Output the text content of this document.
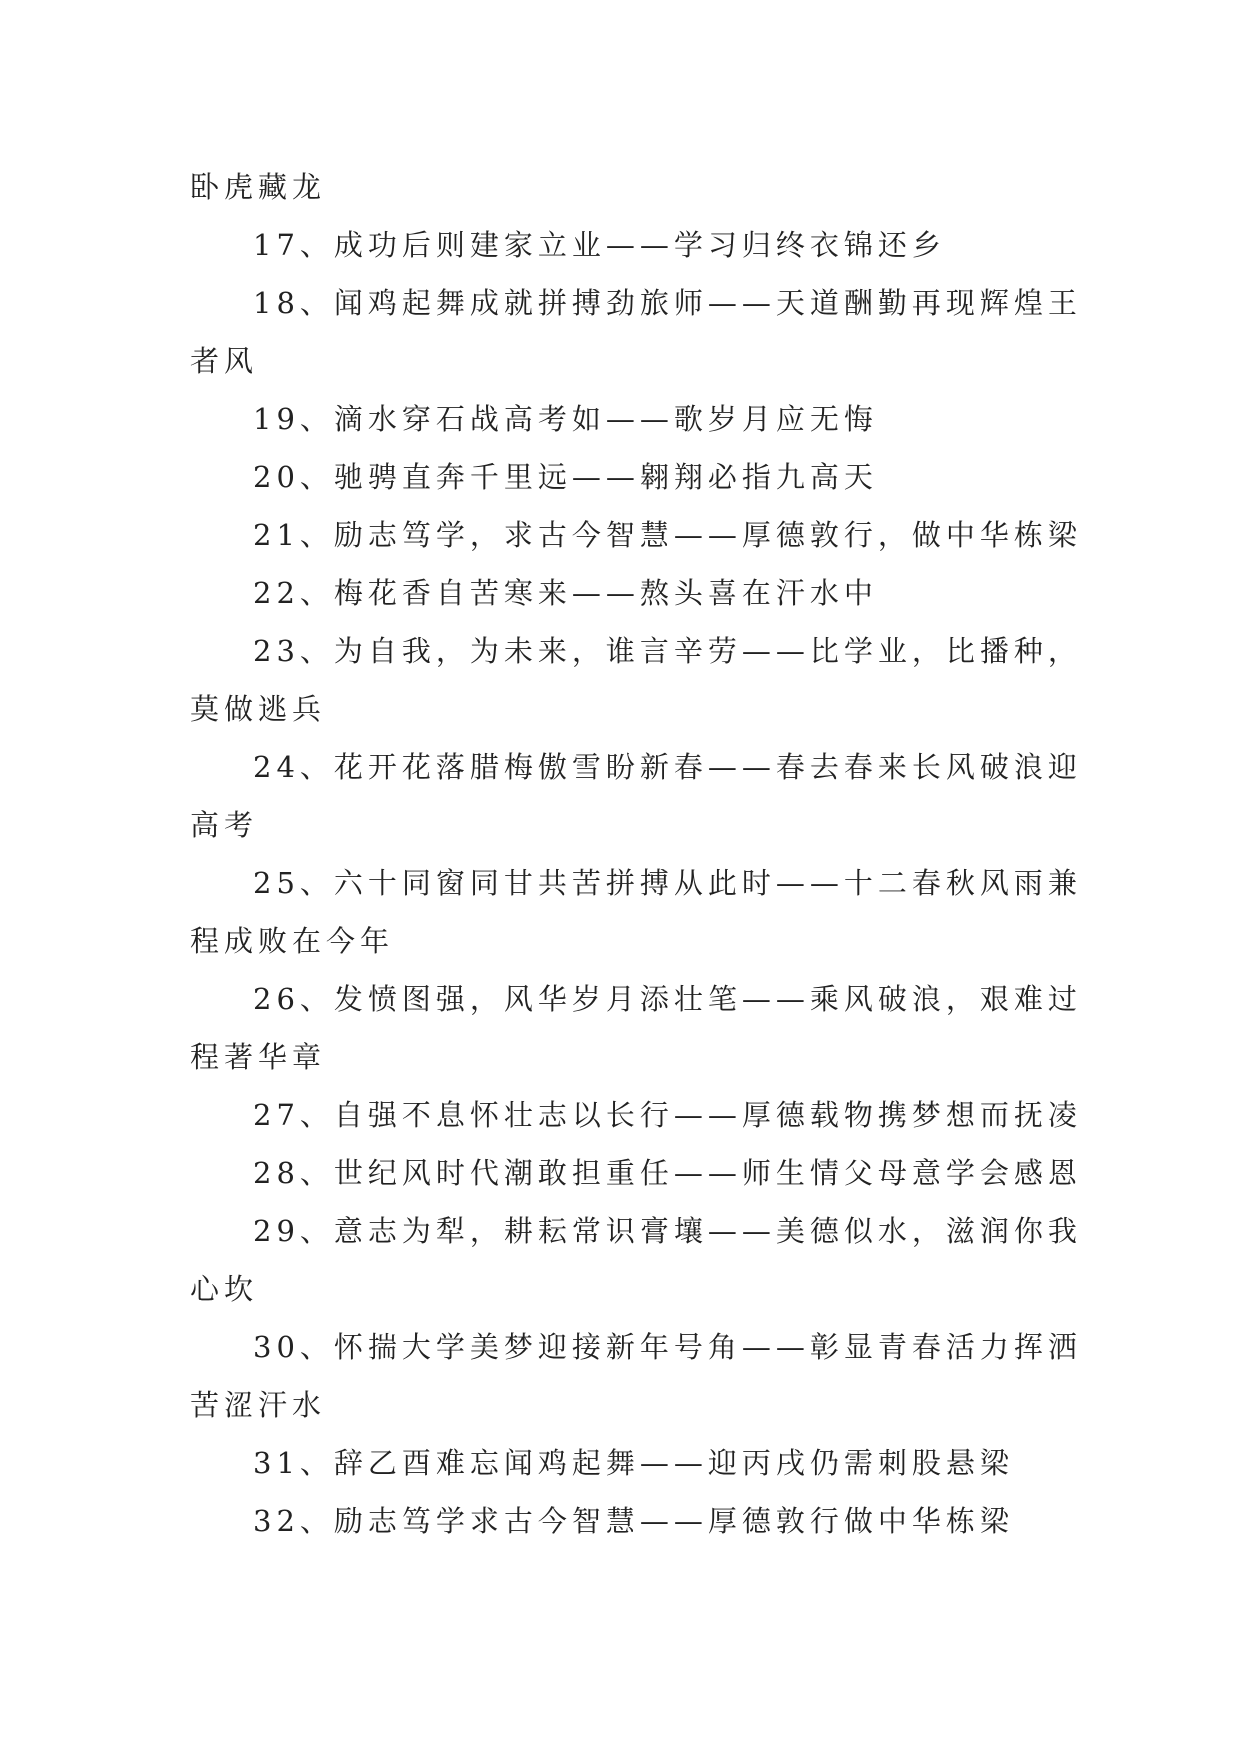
卧虎藏龙
17、成功后则建家立业——学习归终衣锦还乡
18、闻鸡起舞成就拼搏劲旅师——天道酬勤再现辉煌王
者风
19、滴水穿石战高考如——歌岁月应无悔
20、驰骋直奔千里远——翱翔必指九高天
21、励志笃学，求古今智慧——厚德敦行，做中华栋梁
22、梅花香自苦寒来——熬头喜在汗水中
23、为自我，为未来，谁言辛劳——比学业，比播种，
莫做逃兵
24、花开花落腊梅傲雪盼新春——春去春来长风破浪迎
高考
25、六十同窗同甘共苦拼搏从此时——十二春秋风雨兼
程成败在今年
26、发愤图强，风华岁月添壮笔——乘风破浪，艰难过
程著华章
27、自强不息怀壮志以长行——厚德载物携梦想而抚凌
28、世纪风时代潮敢担重任——师生情父母意学会感恩
29、意志为犁，耕耘常识膏壤——美德似水，滋润你我
心坎
30、怀揣大学美梦迎接新年号角——彰显青春活力挥洒
苦涩汗水
31、辞乙酉难忘闻鸡起舞——迎丙戌仍需刺股悬梁
32、励志笃学求古今智慧——厚德敦行做中华栋梁
